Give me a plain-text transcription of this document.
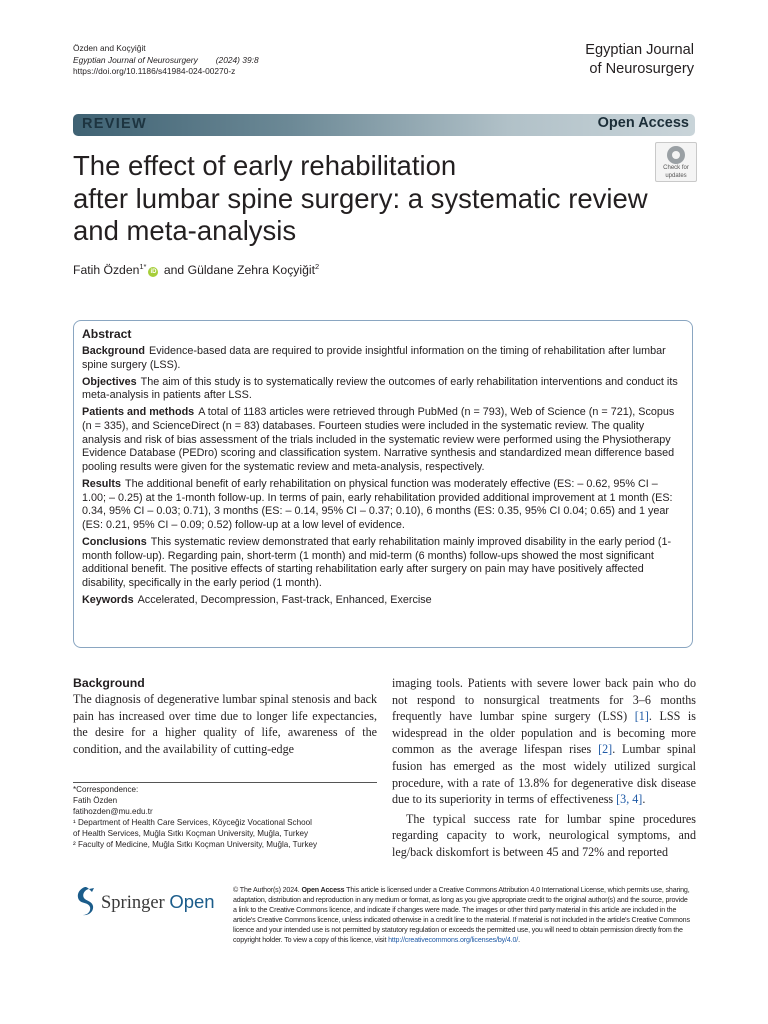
Özden and Koçyiğit
Egyptian Journal of Neurosurgery (2024) 39:8
https://doi.org/10.1186/s41984-024-00270-z
Egyptian Journal
of Neurosurgery
REVIEW	Open Access
The effect of early rehabilitation
after lumbar spine surgery: a systematic review
and meta-analysis
Check for
updates
Fatih Özden$^{1*}$iD and Güldane Zehra Koçyiğit$^2$
Abstract

Background Evidence-based data are required to provide insightful information on the timing of rehabilitation after lumbar spine surgery (LSS).

Objectives The aim of this study is to systematically review the outcomes of early rehabilitation interventions and conduct its meta-analysis in patients after LSS.

Patients and methods A total of 1183 articles were retrieved through PubMed (n = 793), Web of Science (n = 721), Scopus (n = 335), and ScienceDirect (n = 83) databases. Fourteen studies were included in the systematic review. The quality analysis and risk of bias assessment of the trials included in the systematic review were performed using the Physiotherapy Evidence Database (PEDro) scoring and classification system. Narrative synthesis and standardized mean difference based pooling results were given for the systematic review and meta-analysis, respectively.

Results The additional benefit of early rehabilitation on physical function was moderately effective (ES: – 0.62, 95% CI – 1.00; – 0.25) at the 1-month follow-up. In terms of pain, early rehabilitation provided additional improvement at 1 month (ES: 0.34, 95% CI – 0.03; 0.71), 3 months (ES: – 0.14, 95% CI – 0.37; 0.10), 6 months (ES: 0.35, 95% CI 0.04; 0.65) and 1 year (ES: 0.21, 95% CI – 0.09; 0.52) follow-up at a low level of evidence.

Conclusions This systematic review demonstrated that early rehabilitation mainly improved disability in the early period (1-month follow-up). Regarding pain, short-term (1 month) and mid-term (6 months) follow-ups showed the most significant additional benefit. The positive effects of starting rehabilitation early after surgery on pain may have positively affected disability, specifically in the early period (1 month).

Keywords Accelerated, Decompression, Fast-track, Enhanced, Exercise

Background

The diagnosis of degenerative lumbar spinal stenosis and back pain has increased over time due to longer life expectancies, the desire for a higher quality of life, awareness of the condition, and the availability of cutting-edge

imaging tools. Patients with severe lower back pain who do not respond to nonsurgical treatments for 3–6 months frequently have lumbar spine surgery (LSS) [1]. LSS is widespread in the older population and is becoming more common as the average lifespan rises [2]. Lumbar spinal fusion has emerged as the most widely utilized surgical procedure, with a rate of 13.8% for degenerative disk disease due to its superiority in terms of effectiveness [3, 4].

The typical success rate for lumbar spine procedures regarding capacity to work, neurological symptoms, and leg/back diskomfort is between 45 and 72% and reported

*Correspondence:
Fatih Özden
fatihozden@mu.edu.tr
¹ Department of Health Care Services, Köyceğiz Vocational School
of Health Services, Muğla Sıtkı Koçman University, Muğla, Turkey
² Faculty of Medicine, Muğla Sıtkı Koçman University, Muğla, Turkey
Springer Open
© The Author(s) 2024. Open Access This article is licensed under a Creative Commons Attribution 4.0 International License, which permits use, sharing, adaptation, distribution and reproduction in any medium or format, as long as you give appropriate credit to the original author(s) and the source, provide a link to the Creative Commons licence, and indicate if changes were made. The images or other third party material in this article are included in the article's Creative Commons licence, unless indicated otherwise in a credit line to the material. If material is not included in the article's Creative Commons licence and your intended use is not permitted by statutory regulation or exceeds the permitted use, you will need to obtain permission directly from the copyright holder. To view a copy of this licence, visit http://creativecommons.org/licenses/by/4.0/.
